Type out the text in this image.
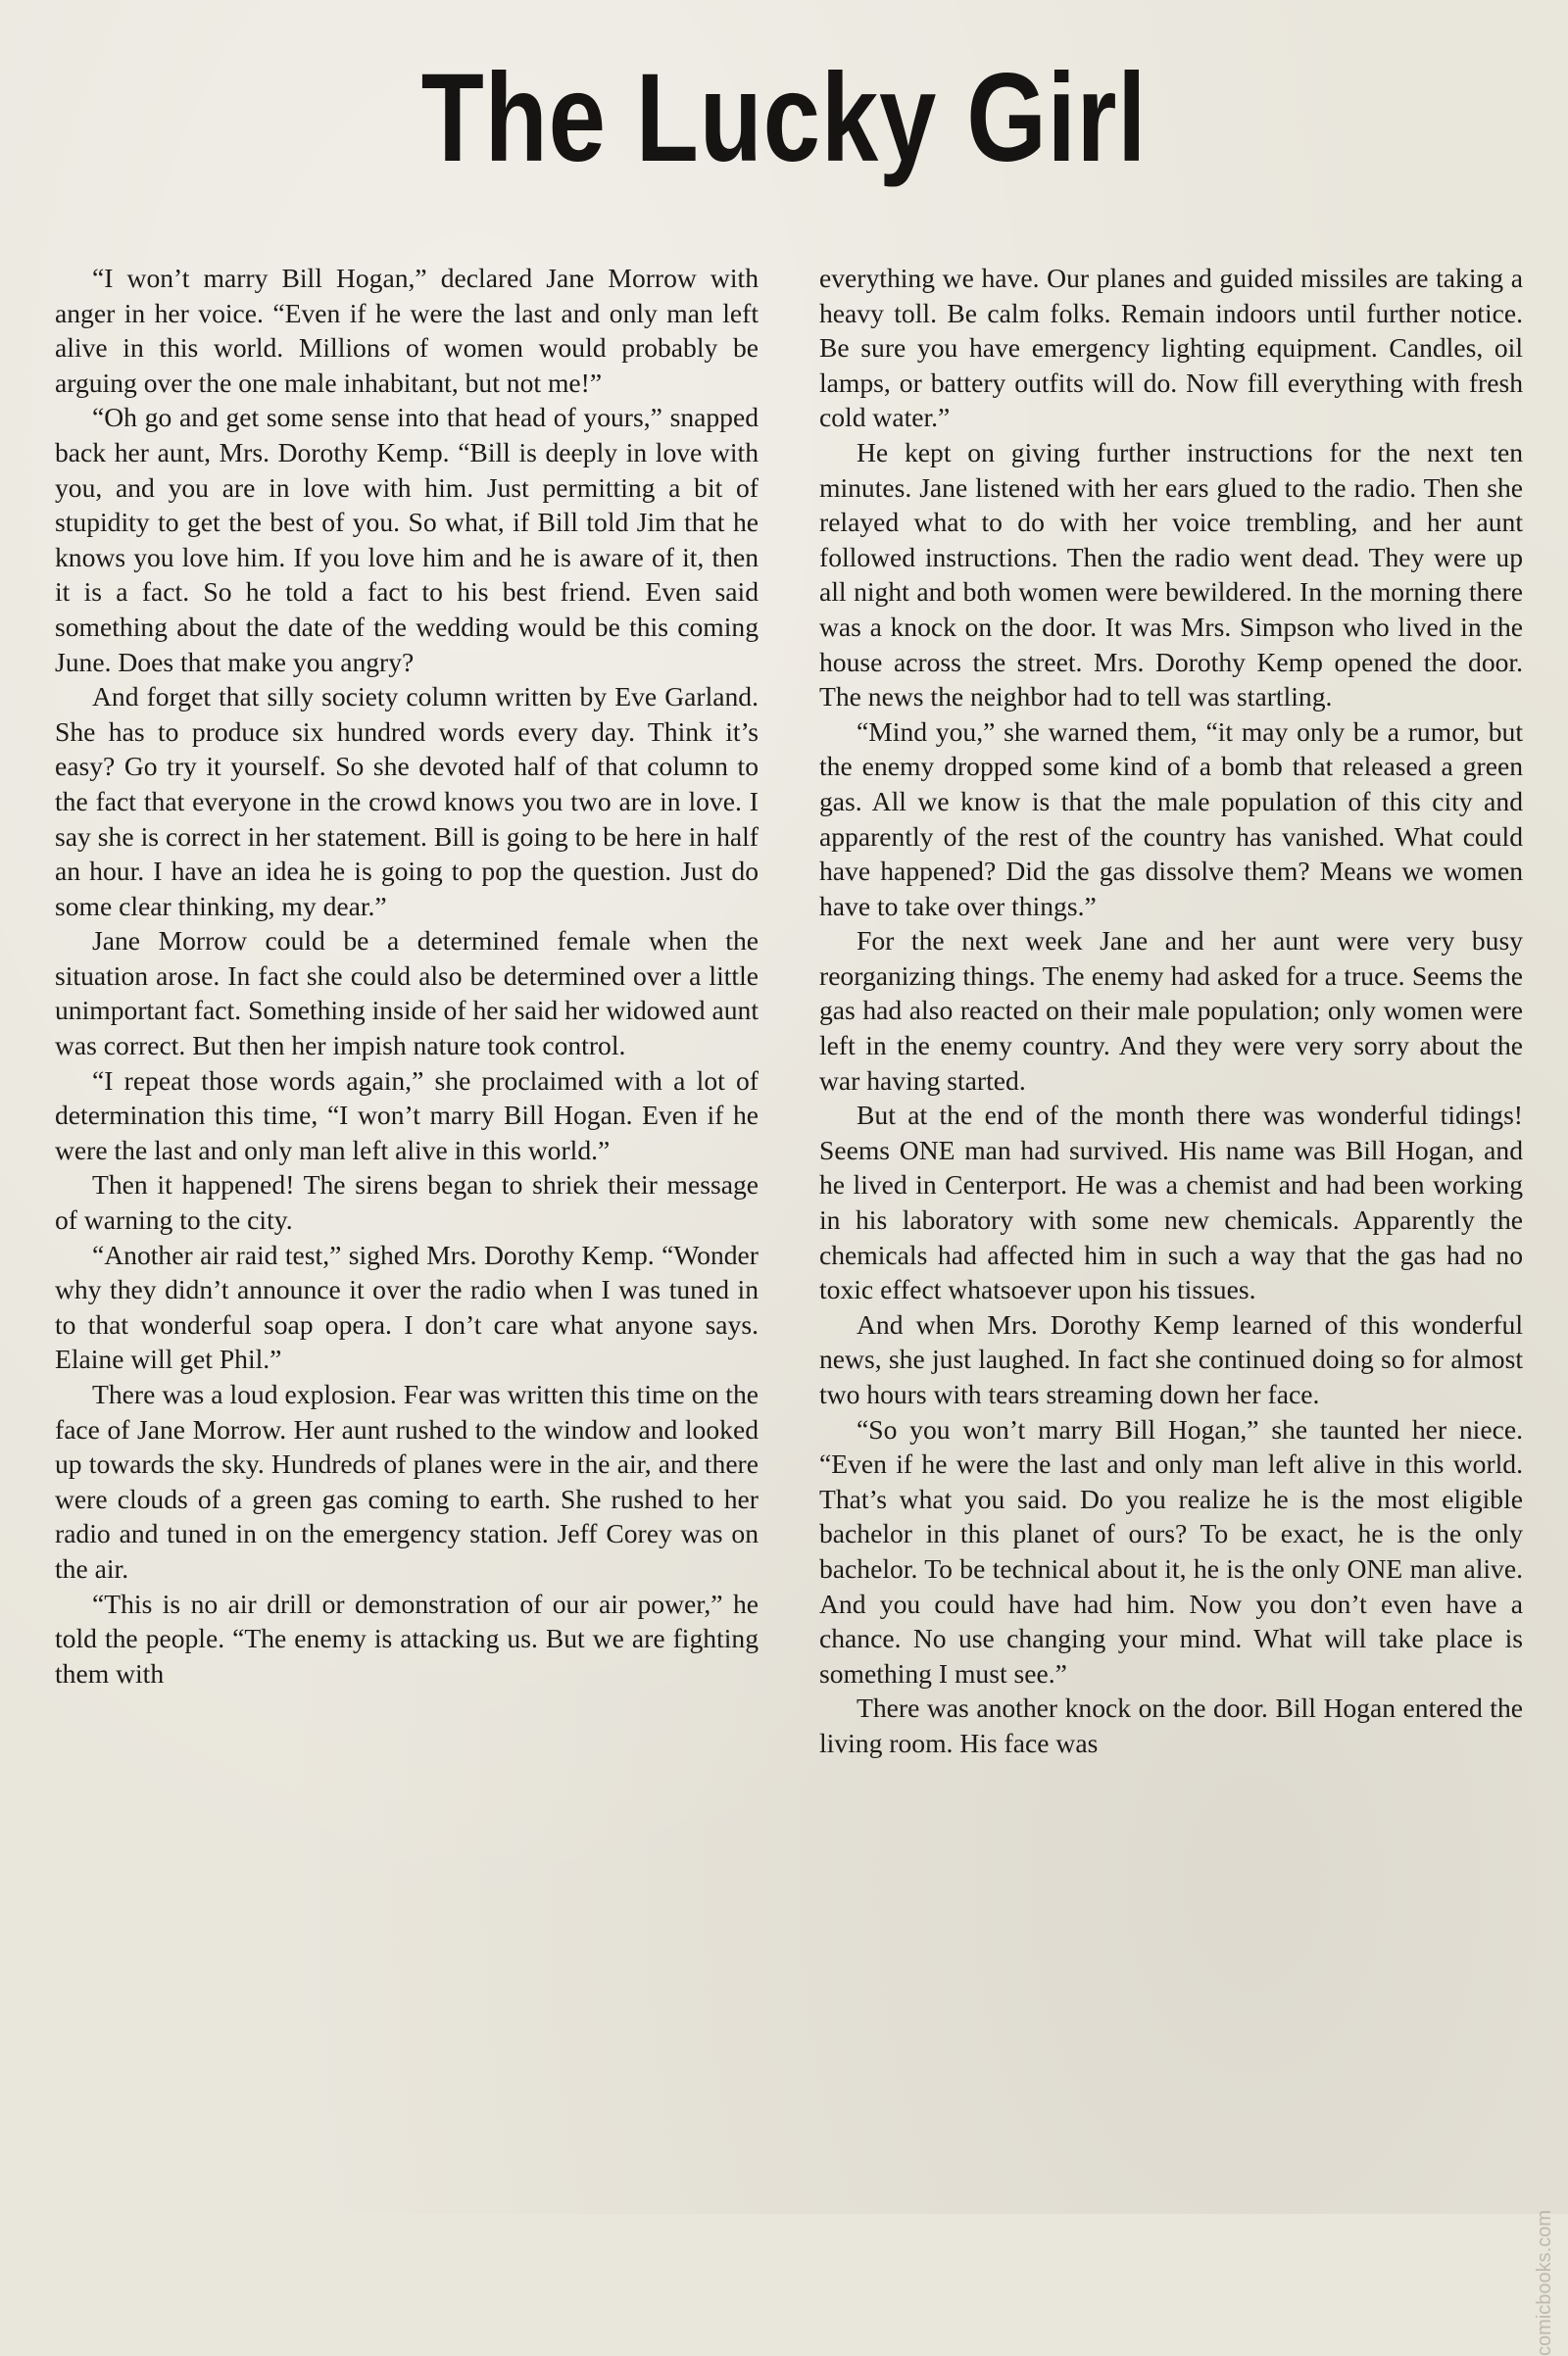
The Lucky Girl

“I won’t marry Bill Hogan,” declared Jane Morrow with anger in her voice. “Even if he were the last and only man left alive in this world. Millions of women would probably be arguing over the one male inhabitant, but not me!”

“Oh go and get some sense into that head of yours,” snapped back her aunt, Mrs. Dorothy Kemp. “Bill is deeply in love with you, and you are in love with him. Just permitting a bit of stupidity to get the best of you. So what, if Bill told Jim that he knows you love him. If you love him and he is aware of it, then it is a fact. So he told a fact to his best friend. Even said something about the date of the wedding would be this coming June. Does that make you angry?

And forget that silly society column written by Eve Garland. She has to produce six hundred words every day. Think it’s easy? Go try it yourself. So she devoted half of that column to the fact that everyone in the crowd knows you two are in love. I say she is correct in her statement. Bill is going to be here in half an hour. I have an idea he is going to pop the question. Just do some clear thinking, my dear.”

Jane Morrow could be a determined female when the situation arose. In fact she could also be determined over a little unimportant fact. Something inside of her said her widowed aunt was correct. But then her impish nature took control.

“I repeat those words again,” she proclaimed with a lot of determination this time, “I won’t marry Bill Hogan. Even if he were the last and only man left alive in this world.”

Then it happened! The sirens began to shriek their message of warning to the city.

“Another air raid test,” sighed Mrs. Dorothy Kemp. “Wonder why they didn’t announce it over the radio when I was tuned in to that wonderful soap opera. I don’t care what anyone says. Elaine will get Phil.”

There was a loud explosion. Fear was written this time on the face of Jane Morrow. Her aunt rushed to the window and looked up towards the sky. Hundreds of planes were in the air, and there were clouds of a green gas coming to earth. She rushed to her radio and tuned in on the emergency station. Jeff Corey was on the air.

“This is no air drill or demonstration of our air power,” he told the people. “The enemy is attacking us. But we are fighting them with

everything we have. Our planes and guided missiles are taking a heavy toll. Be calm folks. Remain indoors until further notice. Be sure you have emergency lighting equipment. Candles, oil lamps, or battery outfits will do. Now fill everything with fresh cold water.”

He kept on giving further instructions for the next ten minutes. Jane listened with her ears glued to the radio. Then she relayed what to do with her voice trembling, and her aunt followed instructions. Then the radio went dead. They were up all night and both women were bewildered. In the morning there was a knock on the door. It was Mrs. Simpson who lived in the house across the street. Mrs. Dorothy Kemp opened the door. The news the neighbor had to tell was startling.

“Mind you,” she warned them, “it may only be a rumor, but the enemy dropped some kind of a bomb that released a green gas. All we know is that the male population of this city and apparently of the rest of the country has vanished. What could have happened? Did the gas dissolve them? Means we women have to take over things.”

For the next week Jane and her aunt were very busy reorganizing things. The enemy had asked for a truce. Seems the gas had also reacted on their male population; only women were left in the enemy country. And they were very sorry about the war having started.

But at the end of the month there was wonderful tidings! Seems ONE man had survived. His name was Bill Hogan, and he lived in Centerport. He was a chemist and had been working in his laboratory with some new chemicals. Apparently the chemicals had affected him in such a way that the gas had no toxic effect whatsoever upon his tissues.

And when Mrs. Dorothy Kemp learned of this wonderful news, she just laughed. In fact she continued doing so for almost two hours with tears streaming down her face.

“So you won’t marry Bill Hogan,” she taunted her niece. “Even if he were the last and only man left alive in this world. That’s what you said. Do you realize he is the most eligible bachelor in this planet of ours? To be exact, he is the only bachelor. To be technical about it, he is the only ONE man alive. And you could have had him. Now you don’t even have a chance. No use changing your mind. What will take place is something I must see.”

There was another knock on the door. Bill Hogan entered the living room. His face was

comicbooks.com
